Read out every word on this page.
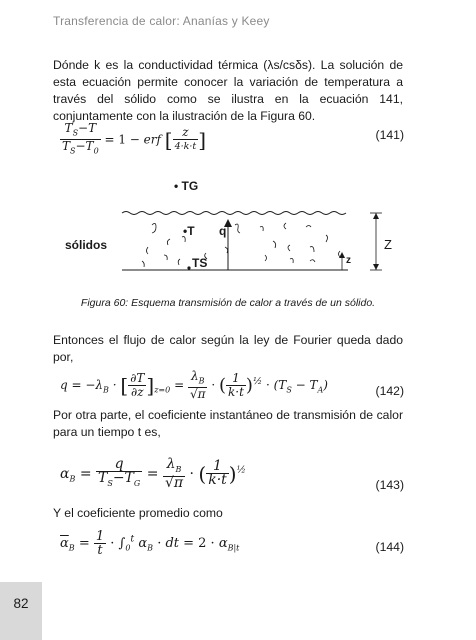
Transferencia de calor: Ananías y Keey
Dónde k es la conductividad térmica (λs/csδs). La solución de esta ecuación permite conocer la variación de temperatura a través del sólido como se ilustra en la ecuación 141, conjuntamente con la ilustración de la Figura 60.
$\frac{T_S-T}{T_S-T_0} = 1$ − erf [ $\frac{z}{4\cdot k\cdot t}$ ]	(141)
• TG
•T q
TS
sólidos
z
Z
Figura 60: Esquema transmisión de calor a través de un sólido.
Entonces el flujo de calor según la ley de Fourier queda dado por,
$q = -\lambda_B$ · [ $\frac{\partial T}{\partial z} ]_{z=0} = \frac{\lambda_B}{√\pi}$ · ( $\frac{1}{k\cdot t} )^{\frac{1}{2}} \cdot (T_S - T_A)$	(142)
Por otra parte, el coeficiente instantáneo de transmisión de calor para un tiempo t es,
$\alpha_B = \frac{q}{T_S-T_G} = \frac{\lambda_B}{√\pi}$ · ( $\frac{1}{k\cdot t} )^{\frac{1}{2}}$
(143)
Y el coeficiente promedio como
$\overline{\alpha}_B = \frac{1}{t} \cdot \int_0^t$ $\alpha_B$ · dt = $2 \cdot \alpha_{B|t}$	(144)
82
